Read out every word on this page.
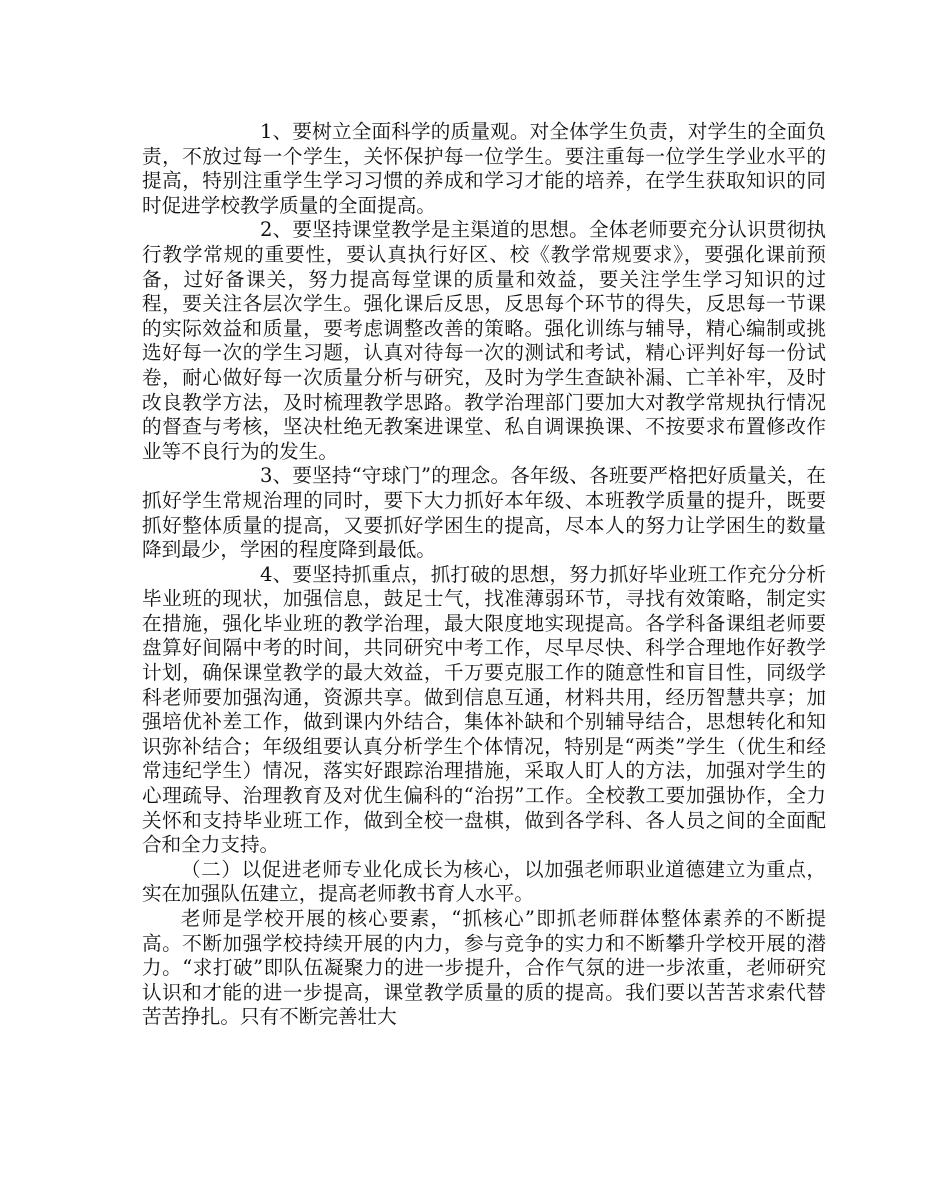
1、要树立全面科学的质量观。对全体学生负责，对学生的全面负责，不放过每一个学生，关怀保护每一位学生。要注重每一位学生学业水平的提高，特别注重学生学习习惯的养成和学习才能的培养，在学生获取知识的同时促进学校教学质量的全面提高。

2、要坚持课堂教学是主渠道的思想。全体老师要充分认识贯彻执行教学常规的重要性，要认真执行好区、校《教学常规要求》，要强化课前预备，过好备课关，努力提高每堂课的质量和效益，要关注学生学习知识的过程，要关注各层次学生。强化课后反思，反思每个环节的得失，反思每一节课的实际效益和质量，要考虑调整改善的策略。强化训练与辅导，精心编制或挑选好每一次的学生习题，认真对待每一次的测试和考试，精心评判好每一份试卷，耐心做好每一次质量分析与研究，及时为学生查缺补漏、亡羊补牢，及时改良教学方法，及时梳理教学思路。教学治理部门要加大对教学常规执行情况的督查与考核，坚决杜绝无教案进课堂、私自调课换课、不按要求布置修改作业等不良行为的发生。

3、要坚持“守球门”的理念。各年级、各班要严格把好质量关，在抓好学生常规治理的同时，要下大力抓好本年级、本班教学质量的提升，既要抓好整体质量的提高，又要抓好学困生的提高，尽本人的努力让学困生的数量降到最少，学困的程度降到最低。

4、要坚持抓重点，抓打破的思想，努力抓好毕业班工作充分分析毕业班的现状，加强信息，鼓足士气，找准薄弱环节，寻找有效策略，制定实在措施，强化毕业班的教学治理，最大限度地实现提高。各学科备课组老师要盘算好间隔中考的时间，共同研究中考工作，尽早尽快、科学合理地作好教学计划，确保课堂教学的最大效益，千万要克服工作的随意性和盲目性，同级学科老师要加强沟通，资源共享。做到信息互通，材料共用，经历智慧共享；加强培优补差工作，做到课内外结合，集体补缺和个别辅导结合，思想转化和知识弥补结合；年级组要认真分析学生个体情况，特别是“两类”学生（优生和经常违纪学生）情况，落实好跟踪治理措施，采取人盯人的方法，加强对学生的心理疏导、治理教育及对优生偏科的“治拐”工作。全校教工要加强协作，全力关怀和支持毕业班工作，做到全校一盘棋，做到各学科、各人员之间的全面配合和全力支持。

（二）以促进老师专业化成长为核心，以加强老师职业道德建立为重点，实在加强队伍建立，提高老师教书育人水平。

老师是学校开展的核心要素，“抓核心”即抓老师群体整体素养的不断提高。不断加强学校持续开展的内力，参与竞争的实力和不断攀升学校开展的潜力。“求打破”即队伍凝聚力的进一步提升，合作气氛的进一步浓重，老师研究认识和才能的进一步提高，课堂教学质量的质的提高。我们要以苦苦求索代替苦苦挣扎。只有不断完善壮大
